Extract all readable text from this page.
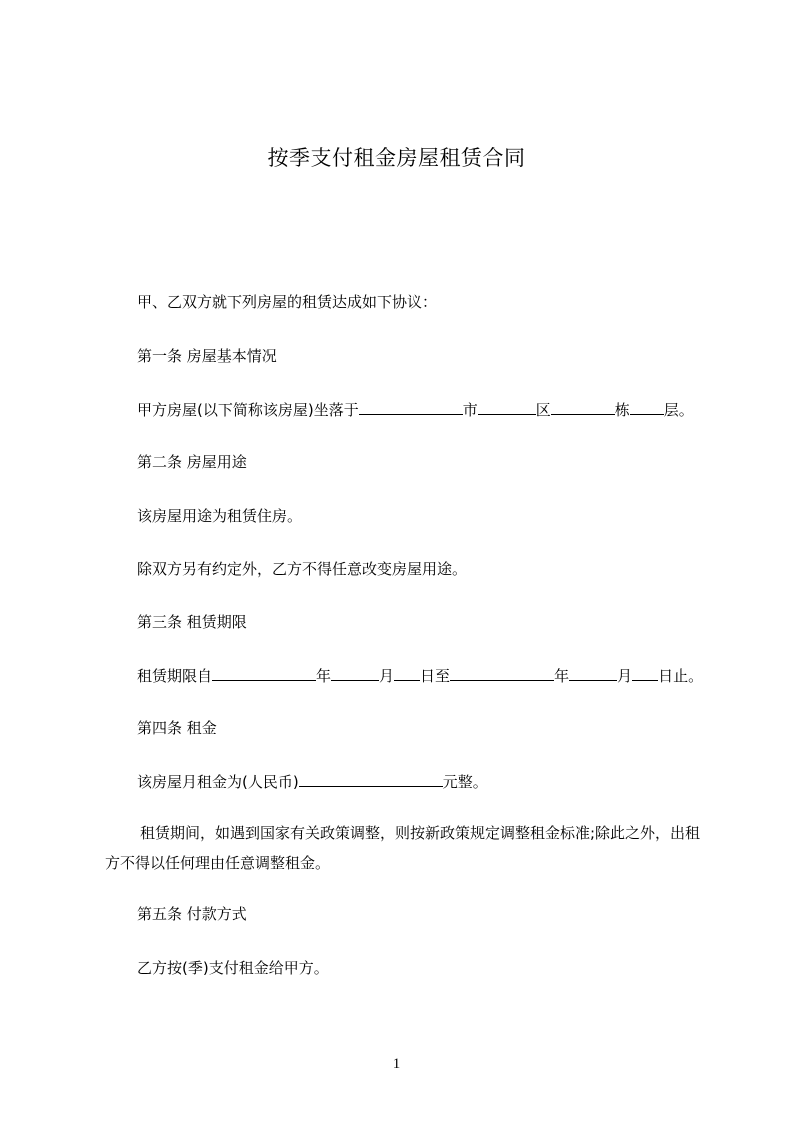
按季支付租金房屋租赁合同
甲、乙双方就下列房屋的租赁达成如下协议：
第一条 房屋基本情况
甲方房屋(以下简称该房屋)坐落于	市	区	栋 层。
第二条 房屋用途
该房屋用途为租赁住房。
除双方另有约定外，乙方不得任意改变房屋用途。
第三条 租赁期限
租赁期限自	年	月 日至	年	月 日止。
第四条 租金
该房屋月租金为(人民币)	元整。
租赁期间，如遇到国家有关政策调整，则按新政策规定调整租金标准;除此之外，出租方不得以任何理由任意调整租金。
第五条 付款方式
乙方按(季)支付租金给甲方。
1
